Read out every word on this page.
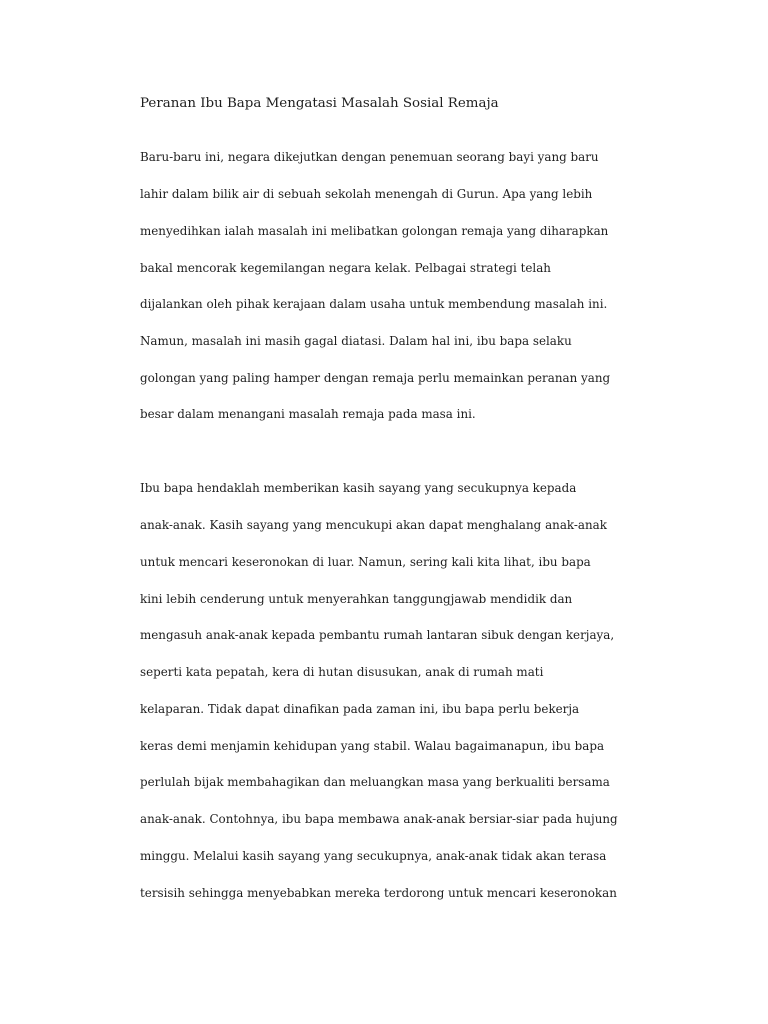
Peranan Ibu Bapa Mengatasi Masalah Sosial Remaja

Baru-baru ini, negara dikejutkan dengan penemuan seorang bayi yang baru

lahir dalam bilik air di sebuah sekolah menengah di Gurun. Apa yang lebih

menyedihkan ialah masalah ini melibatkan golongan remaja yang diharapkan

bakal mencorak kegemilangan negara kelak. Pelbagai strategi telah

dijalankan oleh pihak kerajaan dalam usaha untuk membendung masalah ini.

Namun, masalah ini masih gagal diatasi. Dalam hal ini, ibu bapa selaku

golongan yang paling hamper dengan remaja perlu memainkan peranan yang

besar dalam menangani masalah remaja pada masa ini.

Ibu bapa hendaklah memberikan kasih sayang yang secukupnya kepada

anak-anak. Kasih sayang yang mencukupi akan dapat menghalang anak-anak

untuk mencari keseronokan di luar. Namun, sering kali kita lihat, ibu bapa

kini lebih cenderung untuk menyerahkan tanggungjawab mendidik dan

mengasuh anak-anak kepada pembantu rumah lantaran sibuk dengan kerjaya,

seperti kata pepatah, kera di hutan disusukan, anak di rumah mati

kelaparan. Tidak dapat dinafikan pada zaman ini, ibu bapa perlu bekerja

keras demi menjamin kehidupan yang stabil. Walau bagaimanapun, ibu bapa

perlulah bijak membahagikan dan meluangkan masa yang berkualiti bersama

anak-anak. Contohnya, ibu bapa membawa anak-anak bersiar-siar pada hujung

minggu. Melalui kasih sayang yang secukupnya, anak-anak tidak akan terasa

tersisih sehingga menyebabkan mereka terdorong untuk mencari keseronokan
